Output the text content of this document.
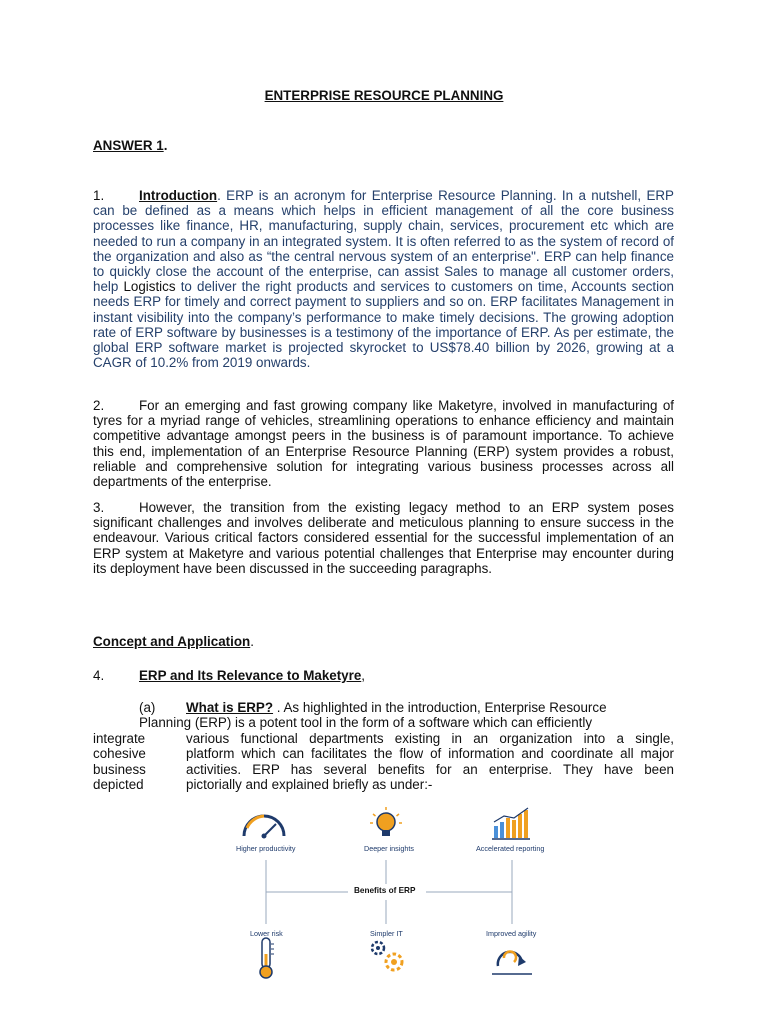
ENTERPRISE RESOURCE PLANNING
ANSWER 1.
1.	Introduction. ERP is an acronym for Enterprise Resource Planning. In a nutshell, ERP can be defined as a means which helps in efficient management of all the core business processes like finance, HR, manufacturing, supply chain, services, procurement etc which are needed to run a company in an integrated system. It is often referred to as the system of record of the organization and also as “the central nervous system of an enterprise". ERP can help finance to quickly close the account of the enterprise, can assist Sales to manage all customer orders, help Logistics to deliver the right products and services to customers on time, Accounts section needs ERP for timely and correct payment to suppliers and so on. ERP facilitates Management in instant visibility into the company’s performance to make timely decisions. The growing adoption rate of ERP software by businesses is a testimony of the importance of ERP. As per estimate, the global ERP software market is projected skyrocket to US$78.40 billion by 2026, growing at a CAGR of 10.2% from 2019 onwards.
2.	For an emerging and fast growing company like Maketyre, involved in manufacturing of tyres for a myriad range of vehicles, streamlining operations to enhance efficiency and maintain competitive advantage amongst peers in the business is of paramount importance. To achieve this end, implementation of an Enterprise Resource Planning (ERP) system provides a robust, reliable and comprehensive solution for integrating various business processes across all departments of the enterprise.
3.	However, the transition from the existing legacy method to an ERP system poses significant challenges and involves deliberate and meticulous planning to ensure success in the endeavour. Various critical factors considered essential for the successful implementation of an ERP system at Maketyre and various potential challenges that Enterprise may encounter during its deployment have been discussed in the succeeding paragraphs.
Concept and Application.
4.	ERP and Its Relevance to Maketyre,
(a) What is ERP? . As highlighted in the introduction, Enterprise Resource
Planning (ERP) is a potent tool in the form of a software which can efficiently
integrate	various functional departments existing in an organization into a single,
cohesive	platform which can facilitates the flow of information and coordinate all major
business	activities. ERP has several benefits for an enterprise. They have been
depicted	pictorially and explained briefly as under:-
Higher productivity	Deeper insights	Accelerated reporting
Benefits of ERP
Lower risk	Simpler IT	Improved agility
